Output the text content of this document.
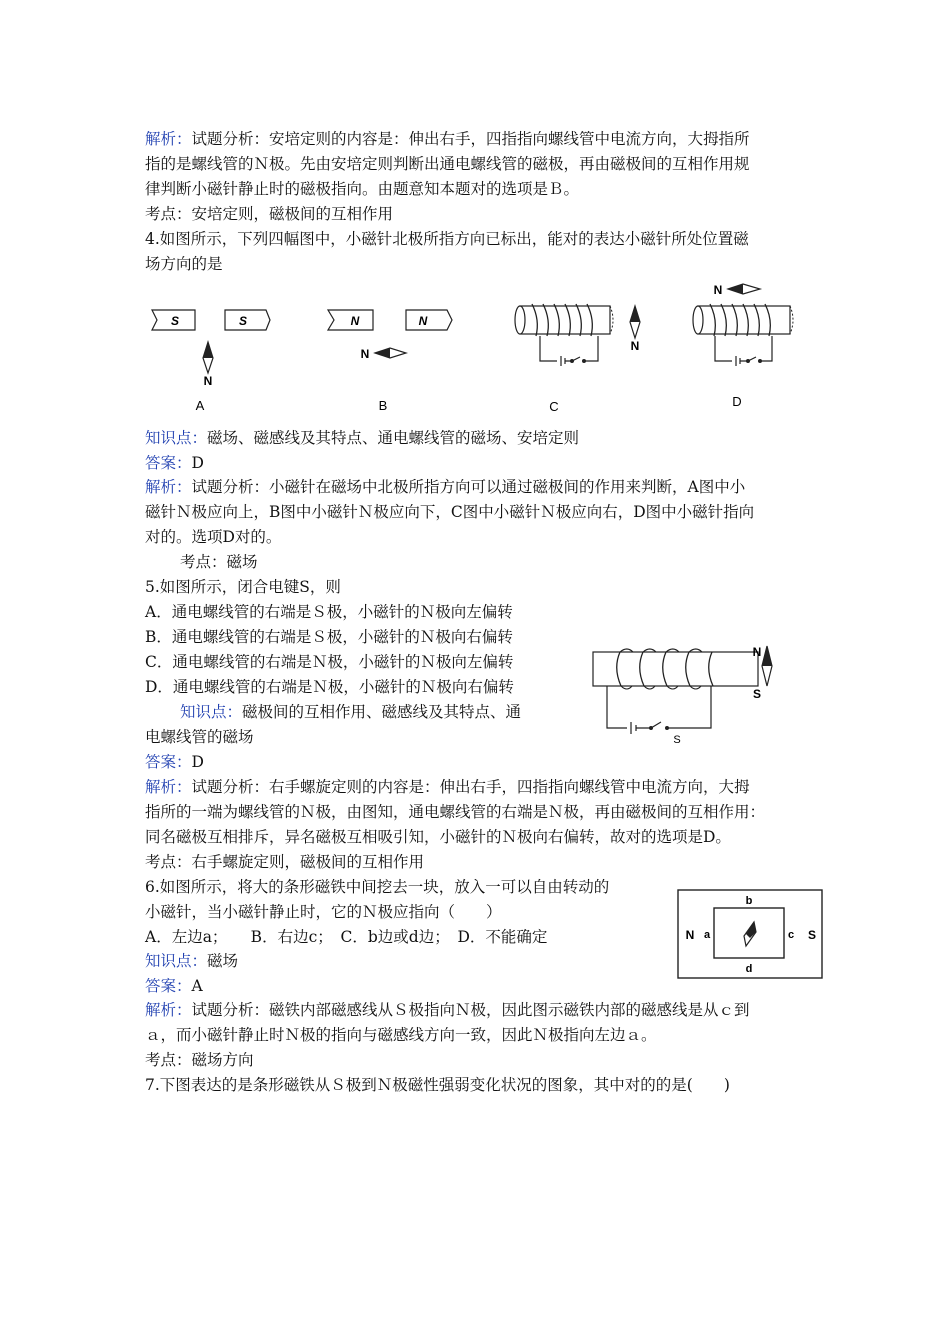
解析：试题分析：安培定则的内容是：伸出右手，四指指向螺线管中电流方向，大拇指所
指的是螺线管的Ｎ极。先由安培定则判断出通电螺线管的磁极，再由磁极间的互相作用规
律判断小磁针静止时的磁极指向。由题意知本题对的选项是Ｂ。
考点：安培定则，磁极间的互相作用
4.如图所示，下列四幅图中，小磁针北极所指方向已标出，能对的表达小磁针所处位置磁
场方向的是
S	S
N
A
N	N
N
B
N
C
N
D
知识点：磁场、磁感线及其特点、通电螺线管的磁场、安培定则
答案：D
解析：试题分析：小磁针在磁场中北极所指方向可以通过磁极间的作用来判断，A图中小
磁针Ｎ极应向上，B图中小磁针Ｎ极应向下，C图中小磁针Ｎ极应向右，D图中小磁针指向
对的。选项D对的。
考点：磁场
5.如图所示，闭合电键S，则
A．通电螺线管的右端是Ｓ极，小磁针的Ｎ极向左偏转
B．通电螺线管的右端是Ｓ极，小磁针的Ｎ极向右偏转
C．通电螺线管的右端是Ｎ极，小磁针的Ｎ极向左偏转
D．通电螺线管的右端是Ｎ极，小磁针的Ｎ极向右偏转
知识点：磁极间的互相作用、磁感线及其特点、通
电螺线管的磁场	S
N
S
答案：D
解析：试题分析：右手螺旋定则的内容是：伸出右手，四指指向螺线管中电流方向，大拇
指所的一端为螺线管的Ｎ极，由图知，通电螺线管的右端是Ｎ极，再由磁极间的互相作用：
同名磁极互相排斥，异名磁极互相吸引知，小磁针的Ｎ极向右偏转，故对的选项是D。
考点：右手螺旋定则，磁极间的互相作用
6.如图所示，将大的条形磁铁中间挖去一块，放入一可以自由转动的
小磁针，当小磁针静止时，它的Ｎ极应指向（　　）
A．左边a；　　B．右边c；　C．b边或d边；　D．不能确定
知识点：磁场
答案：A
N	S
a
b
c
d
解析：试题分析：磁铁内部磁感线从Ｓ极指向Ｎ极，因此图示磁铁内部的磁感线是从ｃ到
ａ，而小磁针静止时Ｎ极的指向与磁感线方向一致，因此Ｎ极指向左边ａ。
考点：磁场方向
7.下图表达的是条形磁铁从Ｓ极到Ｎ极磁性强弱变化状况的图象，其中对的的是(　　)
